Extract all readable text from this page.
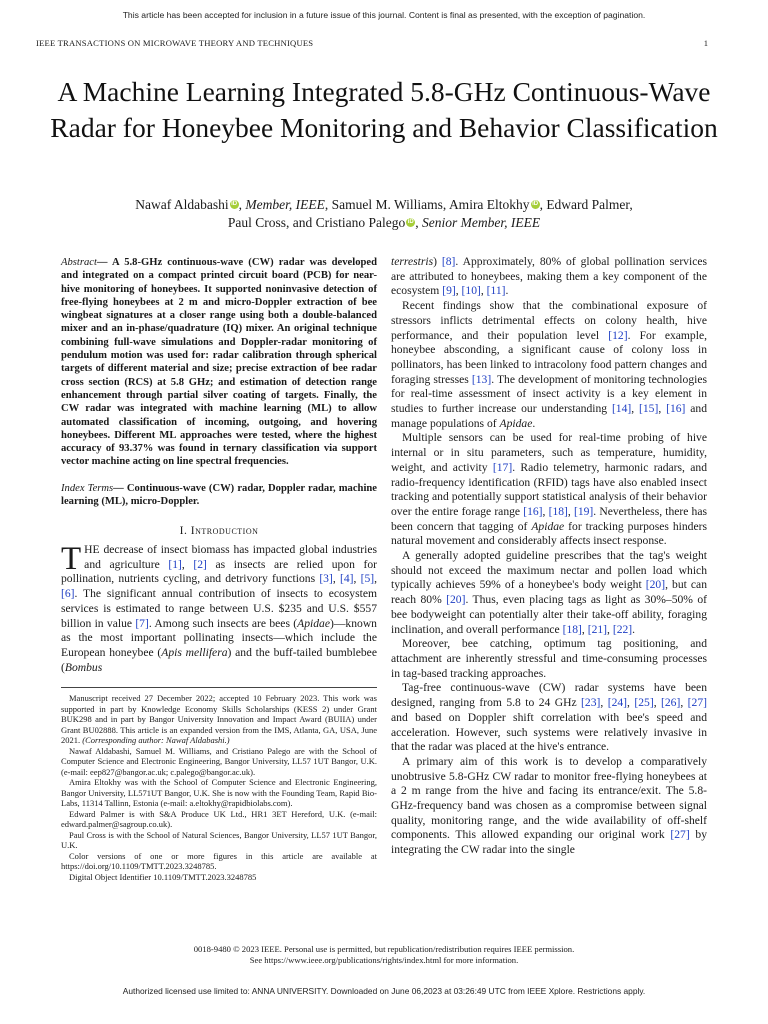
This article has been accepted for inclusion in a future issue of this journal. Content is final as presented, with the exception of pagination.
IEEE TRANSACTIONS ON MICROWAVE THEORY AND TECHNIQUES	1
A Machine Learning Integrated 5.8-GHz Continuous-Wave Radar for Honeybee Monitoring and Behavior Classification
Nawaf Aldabashi iD , Member, IEEE, Samuel M. Williams, Amira Eltokhy iD , Edward Palmer,
Paul Cross, and Cristiano Palego iD , Senior Member, IEEE
Abstract— A 5.8-GHz continuous-wave (CW) radar was developed and integrated on a compact printed circuit board (PCB) for near-hive monitoring of honeybees. It supported noninvasive detection of free-flying honeybees at 2 m and micro-Doppler extraction of bee wingbeat signatures at a closer range using both a double-balanced mixer and an in-phase/quadrature (IQ) mixer. An original technique combining full-wave simulations and Doppler-radar monitoring of pendulum motion was used for: radar calibration through spherical targets of different material and size; precise extraction of bee radar cross section (RCS) at 5.8 GHz; and estimation of detection range enhancement through partial silver coating of targets. Finally, the CW radar was integrated with machine learning (ML) to allow automated classification of incoming, outgoing, and hovering honeybees. Different ML approaches were tested, where the highest accuracy of 93.37% was found in ternary classification via support vector machine acting on line spectral frequencies.
Index Terms— Continuous-wave (CW) radar, Doppler radar, machine learning (ML), micro-Doppler.
I. Introduction

THE decrease of insect biomass has impacted global industries and agriculture [1], [2] as insects are relied upon for pollination, nutrients cycling, and detrivory functions [3], [4], [5], [6]. The significant annual contribution of insects to ecosystem services is estimated to range between U.S. $235 and U.S. $557 billion in value [7]. Among such insects are bees (Apidae)—known as the most important pollinating insects—which include the European honeybee (Apis mellifera) and the buff-tailed bumblebee (Bombus

Manuscript received 27 December 2022; accepted 10 February 2023. This work was supported in part by Knowledge Economy Skills Scholarships (KESS 2) under Grant BUK298 and in part by Bangor University Innovation and Impact Award (BUIIA) under Grant BU02888. This article is an expanded version from the IMS, Atlanta, GA, USA, June 2021. (Corresponding author: Nawaf Aldabashi.)

Nawaf Aldabashi, Samuel M. Williams, and Cristiano Palego are with the School of Computer Science and Electronic Engineering, Bangor University, LL57 1UT Bangor, U.K. (e-mail: eep827@bangor.ac.uk; c.palego@bangor.ac.uk).

Amira Eltokhy was with the School of Computer Science and Electronic Engineering, Bangor University, LL571UT Bangor, U.K. She is now with the Founding Team, Rapid Bio-Labs, 11314 Tallinn, Estonia (e-mail: a.eltokhy@rapidbiolabs.com).

Edward Palmer is with S&A Produce UK Ltd., HR1 3ET Hereford, U.K. (e-mail: edward.palmer@sagroup.co.uk).

Paul Cross is with the School of Natural Sciences, Bangor University, LL57 1UT Bangor, U.K.

Color versions of one or more figures in this article are available at https://doi.org/10.1109/TMTT.2023.3248785.

Digital Object Identifier 10.1109/TMTT.2023.3248785

terrestris) [8]. Approximately, 80% of global pollination services are attributed to honeybees, making them a key component of the ecosystem [9], [10], [11].

Recent findings show that the combinational exposure of stressors inflicts detrimental effects on colony health, hive performance, and their population level [12]. For example, honeybee absconding, a significant cause of colony loss in pollinators, has been linked to intracolony food pattern changes and foraging stresses [13]. The development of monitoring technologies for real-time assessment of insect activity is a key element in studies to further increase our understanding [14], [15], [16] and manage populations of Apidae.

Multiple sensors can be used for real-time probing of hive internal or in situ parameters, such as temperature, humidity, weight, and activity [17]. Radio telemetry, harmonic radars, and radio-frequency identification (RFID) tags have also enabled insect tracking and potentially support statistical analysis of their behavior over the entire forage range [16], [18], [19]. Nevertheless, there has been concern that tagging of Apidae for tracking purposes hinders natural movement and considerably affects insect response.

A generally adopted guideline prescribes that the tag's weight should not exceed the maximum nectar and pollen load which typically achieves 59% of a honeybee's body weight [20], but can reach 80% [20]. Thus, even placing tags as light as 30%–50% of bee bodyweight can potentially alter their take-off ability, foraging inclination, and overall performance [18], [21], [22].

Moreover, bee catching, optimum tag positioning, and attachment are inherently stressful and time-consuming processes in tag-based tracking approaches.

Tag-free continuous-wave (CW) radar systems have been designed, ranging from 5.8 to 24 GHz [23], [24], [25], [26], [27] and based on Doppler shift correlation with bee's speed and acceleration. However, such systems were relatively invasive in that the radar was placed at the hive's entrance.

A primary aim of this work is to develop a comparatively unobtrusive 5.8-GHz CW radar to monitor free-flying honeybees at a 2 m range from the hive and facing its entrance/exit. The 5.8-GHz-frequency band was chosen as a compromise between signal quality, monitoring range, and the wide availability of off-shelf components. This allowed expanding our original work [27] by integrating the CW radar into the single

0018-9480 © 2023 IEEE. Personal use is permitted, but republication/redistribution requires IEEE permission.
See https://www.ieee.org/publications/rights/index.html for more information.
Authorized licensed use limited to: ANNA UNIVERSITY. Downloaded on June 06,2023 at 03:26:49 UTC from IEEE Xplore. Restrictions apply.
